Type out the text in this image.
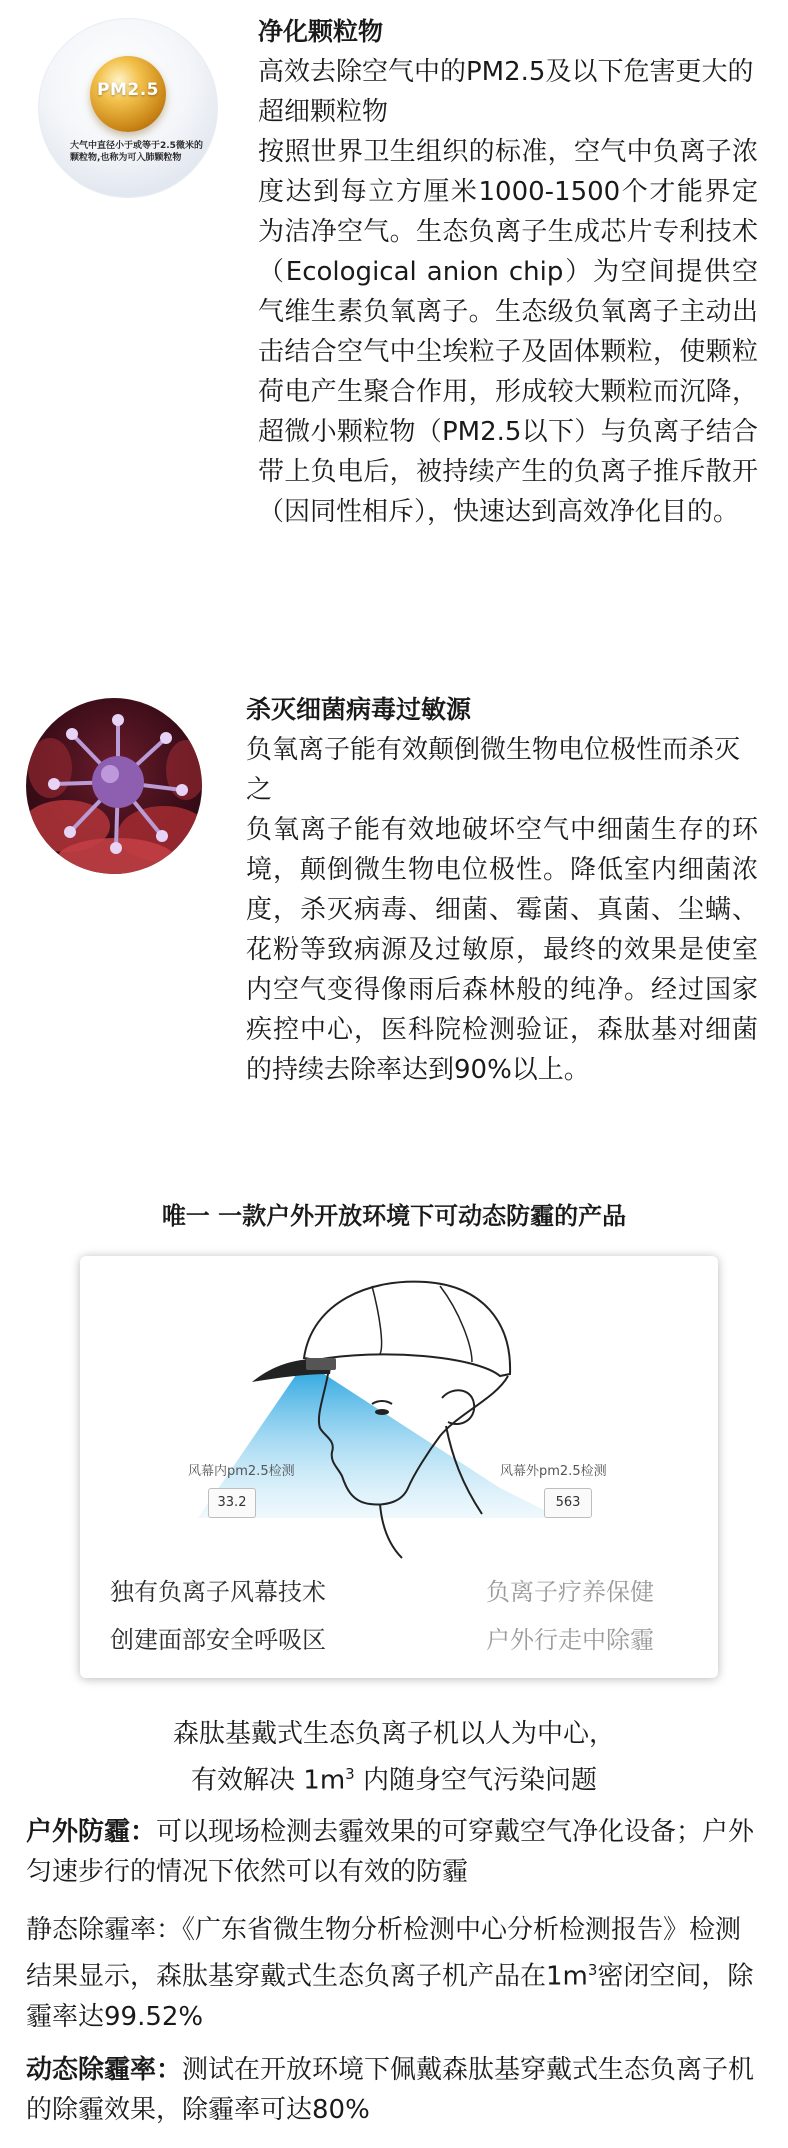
PM2.5
大气中直径小于或等于2.5微米的颗粒物,也称为可入肺颗粒物
净化颗粒物
高效去除空气中的PM2.5及以下危害更大的超细颗粒物
按照世界卫生组织的标准，空气中负离子浓度达到每立方厘米1000-1500个才能界定为洁净空气。生态负离子生成芯片专利技术（Ecological anion chip）为空间提供空气维生素负氧离子。生态级负氧离子主动出击结合空气中尘埃粒子及固体颗粒，使颗粒荷电产生聚合作用，形成较大颗粒而沉降，超微小颗粒物（PM2.5以下）与负离子结合带上负电后，被持续产生的负离子推斥散开（因同性相斥），快速达到高效净化目的。
杀灭细菌病毒过敏源
负氧离子能有效颠倒微生物电位极性而杀灭之
负氧离子能有效地破坏空气中细菌生存的环境，颠倒微生物电位极性。降低室内细菌浓度，杀灭病毒、细菌、霉菌、真菌、尘螨、花粉等致病源及过敏原，最终的效果是使室内空气变得像雨后森林般的纯净。经过国家疾控中心，医科院检测验证，森肽基对细菌的持续去除率达到90%以上。
唯一 一款户外开放环境下可动态防霾的产品
风幕内pm2.5检测
33.2
风幕外pm2.5检测
563
独有负离子风幕技术
创建面部安全呼吸区
负离子疗养保健
户外行走中除霾
森肽基戴式生态负离子机以人为中心，
有效解决 $1m^3$ 内随身空气污染问题
户外防霾：可以现场检测去霾效果的可穿戴空气净化设备；户外匀速步行的情况下依然可以有效的防霾
静态除霾率：《广东省微生物分析检测中心分析检测报告》检测结果显示，森肽基穿戴式生态负离子机产品在$1m^3$密闭空间，除霾率达99.52%
动态除霾率：测试在开放环境下佩戴森肽基穿戴式生态负离子机的除霾效果，除霾率可达80%
